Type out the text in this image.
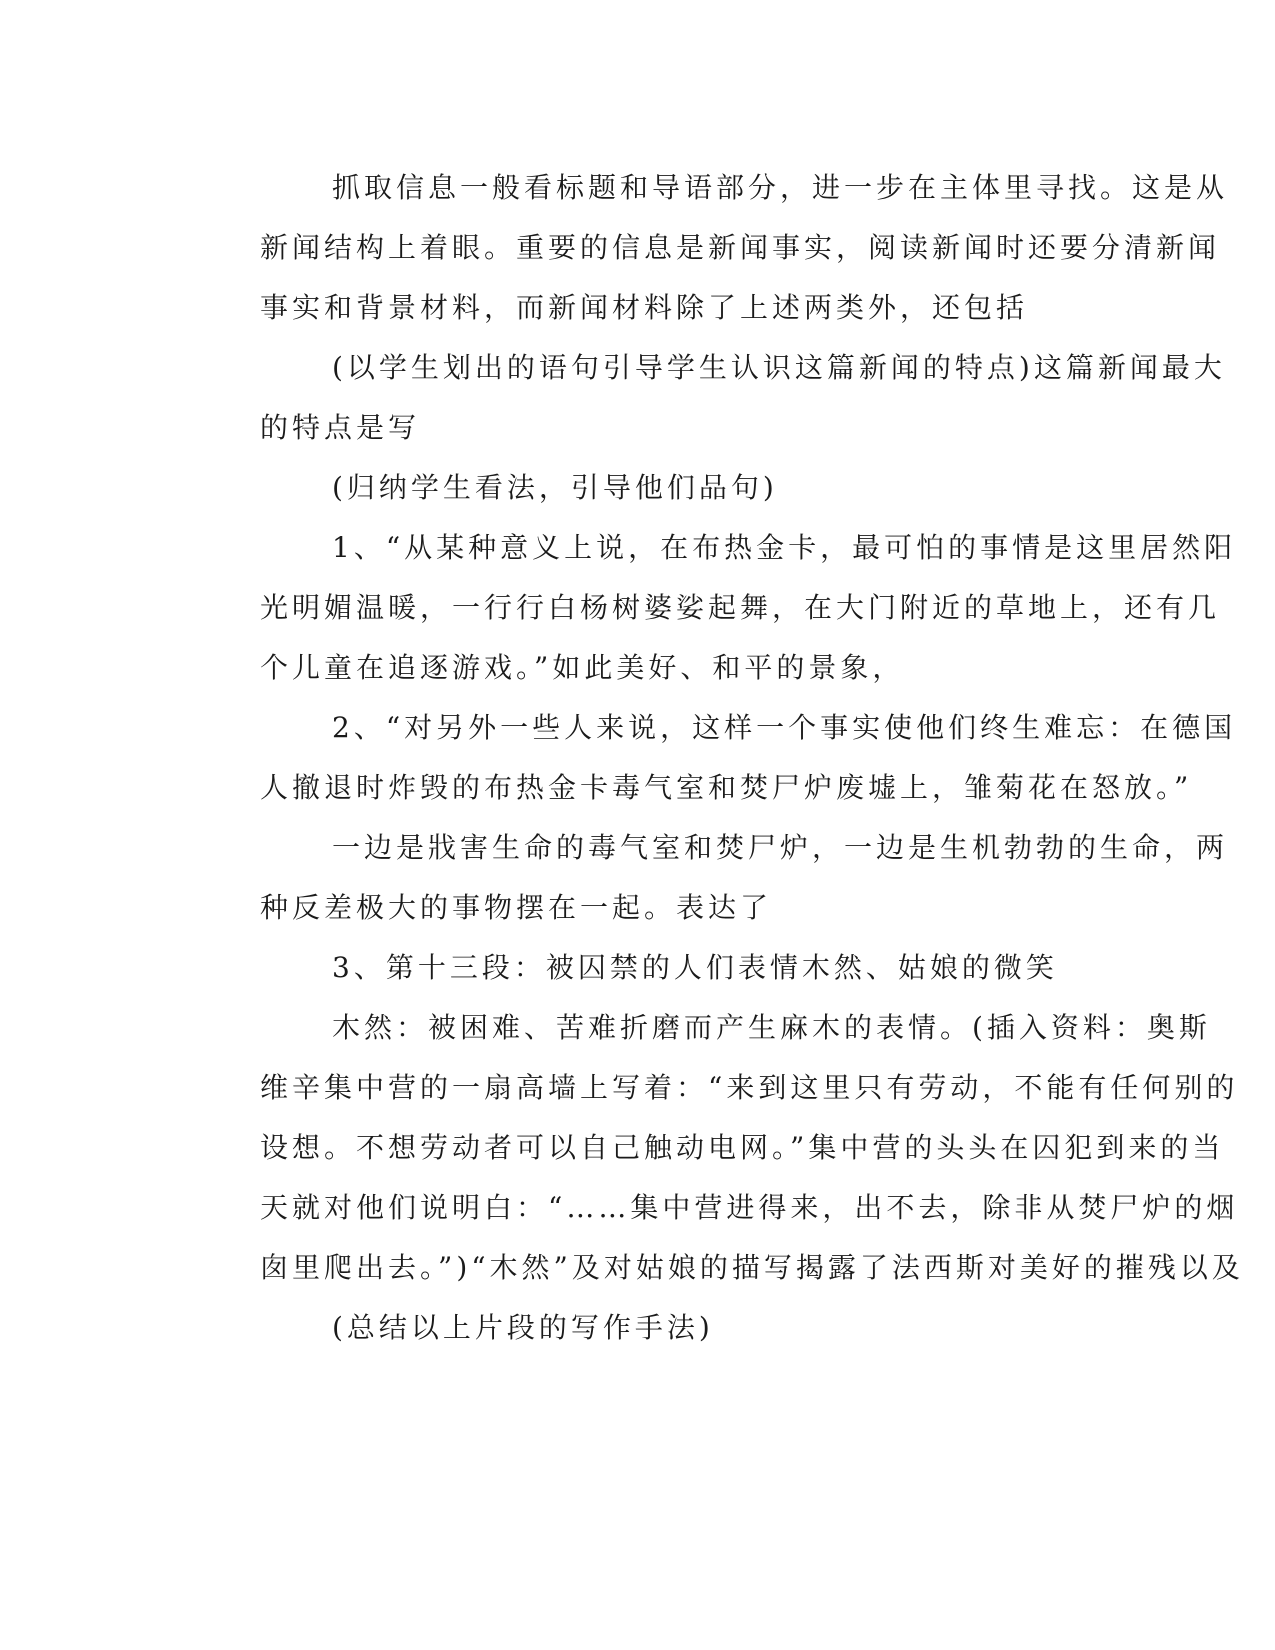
抓取信息一般看标题和导语部分，进一步在主体里寻找。这是从
新闻结构上着眼。重要的信息是新闻事实，阅读新闻时还要分清新闻
事实和背景材料，而新闻材料除了上述两类外，还包括
(以学生划出的语句引导学生认识这篇新闻的特点)这篇新闻最大
的特点是写
(归纳学生看法，引导他们品句)
1、“从某种意义上说，在布热金卡，最可怕的事情是这里居然阳
光明媚温暖，一行行白杨树婆娑起舞，在大门附近的草地上，还有几
个儿童在追逐游戏。”如此美好、和平的景象，
2、“对另外一些人来说，这样一个事实使他们终生难忘：在德国
人撤退时炸毁的布热金卡毒气室和焚尸炉废墟上，雏菊花在怒放。”
一边是戕害生命的毒气室和焚尸炉，一边是生机勃勃的生命，两
种反差极大的事物摆在一起。表达了
3、第十三段：被囚禁的人们表情木然、姑娘的微笑
木然：被困难、苦难折磨而产生麻木的表情。(插入资料：奥斯
维辛集中营的一扇高墙上写着：“来到这里只有劳动，不能有任何别的
设想。不想劳动者可以自己触动电网。”集中营的头头在囚犯到来的当
天就对他们说明白：“……集中营进得来，出不去，除非从焚尸炉的烟
囱里爬出去。”)“木然”及对姑娘的描写揭露了法西斯对美好的摧残以及
(总结以上片段的写作手法)
